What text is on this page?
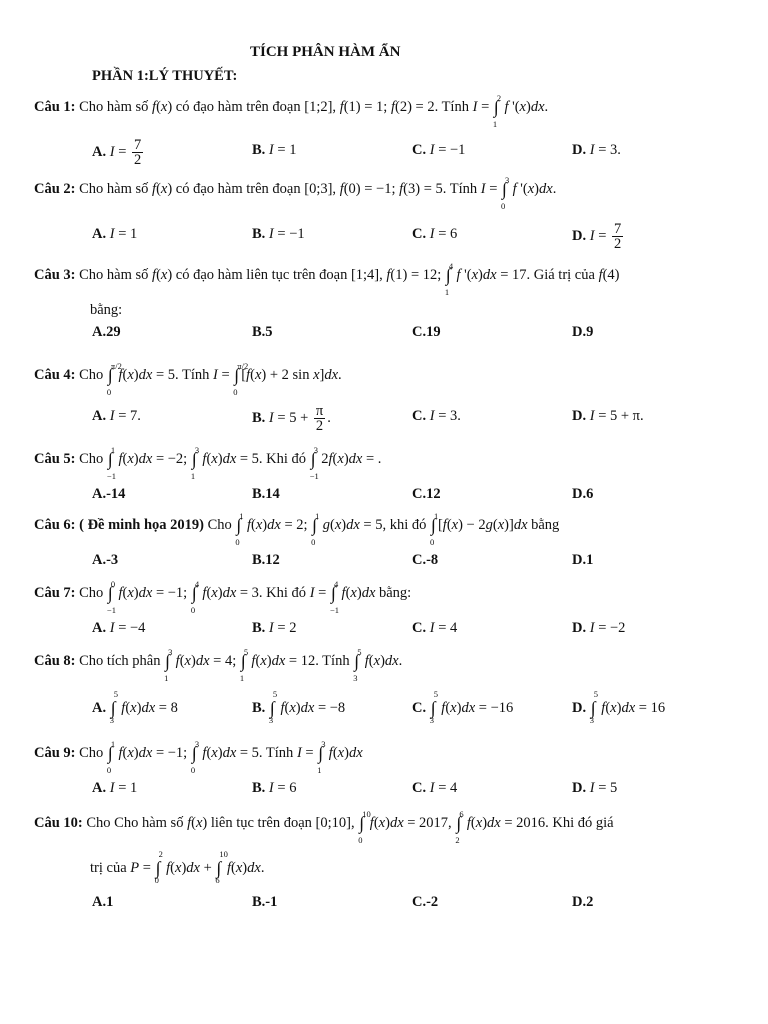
TÍCH PHÂN HÀM ẨN
PHẦN 1:LÝ THUYẾT:
Câu 1: Cho hàm số f(x) có đạo hàm trên đoạn [1;2], f(1) = 1; f(2) = 2. Tính I = ∫
2
1
f '(x)dx.
A. $I = \frac{7}{2}$	B. I = 1	C. I = −1	D. I = 3.
Câu 2: Cho hàm số f(x) có đạo hàm trên đoạn [0;3], f(0) = −1; f(3) = 5. Tính I = ∫
3
0
f '(x)dx.
A. I = 1	B. I = −1	C. I = 6	D. $I = \frac{7}{2}$
Câu 3: Cho hàm số f(x) có đạo hàm liên tục trên đoạn [1;4], f(1) = 12; ∫
4
1
f '(x)dx = 17. Giá trị của f(4)
bằng:
A.29	B.5	C.19	D.9
Câu 4: Cho ∫
π/2
0
f(x)dx = 5. Tính I = ∫
π/2
0
[f(x) + 2 sin x]dx.
A. I = 7.	B. $I = 5 + \frac{\pi}{2}$ .	C. I = 3.	D. I = 5 + π.
Câu 5: Cho ∫
1
−1
f(x)dx = −2; ∫
3
1
f(x)dx = 5. Khi đó ∫
3
−1
2f(x)dx = .
A.-14	B.14	C.12	D.6
Câu 6: ( Đề minh họa 2019) Cho ∫
1
0
f(x)dx = 2; ∫
1
0
g(x)dx = 5, khi đó ∫
1
0
[f(x) − 2g(x)]dx bằng
A.-3	B.12	C.-8	D.1
Câu 7: Cho ∫
0
−1
f(x)dx = −1; ∫
4
0
f(x)dx = 3. Khi đó I = ∫
4
−1
f(x)dx bằng:
A. I = −4	B. I = 2	C. I = 4	D. I = −2
Câu 8: Cho tích phân ∫
3
1
f(x)dx = 4; ∫
5
1
f(x)dx = 12. Tính ∫
5
3
f(x)dx.
A. ∫
5
3
f(x)dx = 8	B. ∫
5
3
f(x)dx = −8	C. ∫
5
3
f(x)dx = −16	D. ∫
5
3
f(x)dx = 16
Câu 9: Cho ∫
1
0
f(x)dx = −1; ∫
3
0
f(x)dx = 5. Tính I = ∫
3
1
f(x)dx
A. I = 1	B. I = 6	C. I = 4	D. I = 5
Câu 10: Cho Cho hàm số f(x) liên tục trên đoạn [0;10], ∫
10
0
f(x)dx = 2017, ∫
6
2
f(x)dx = 2016. Khi đó giá
trị của P = ∫
2
0
f(x)dx + ∫
10
6
f(x)dx.
A.1	B.-1	C.-2	D.2
